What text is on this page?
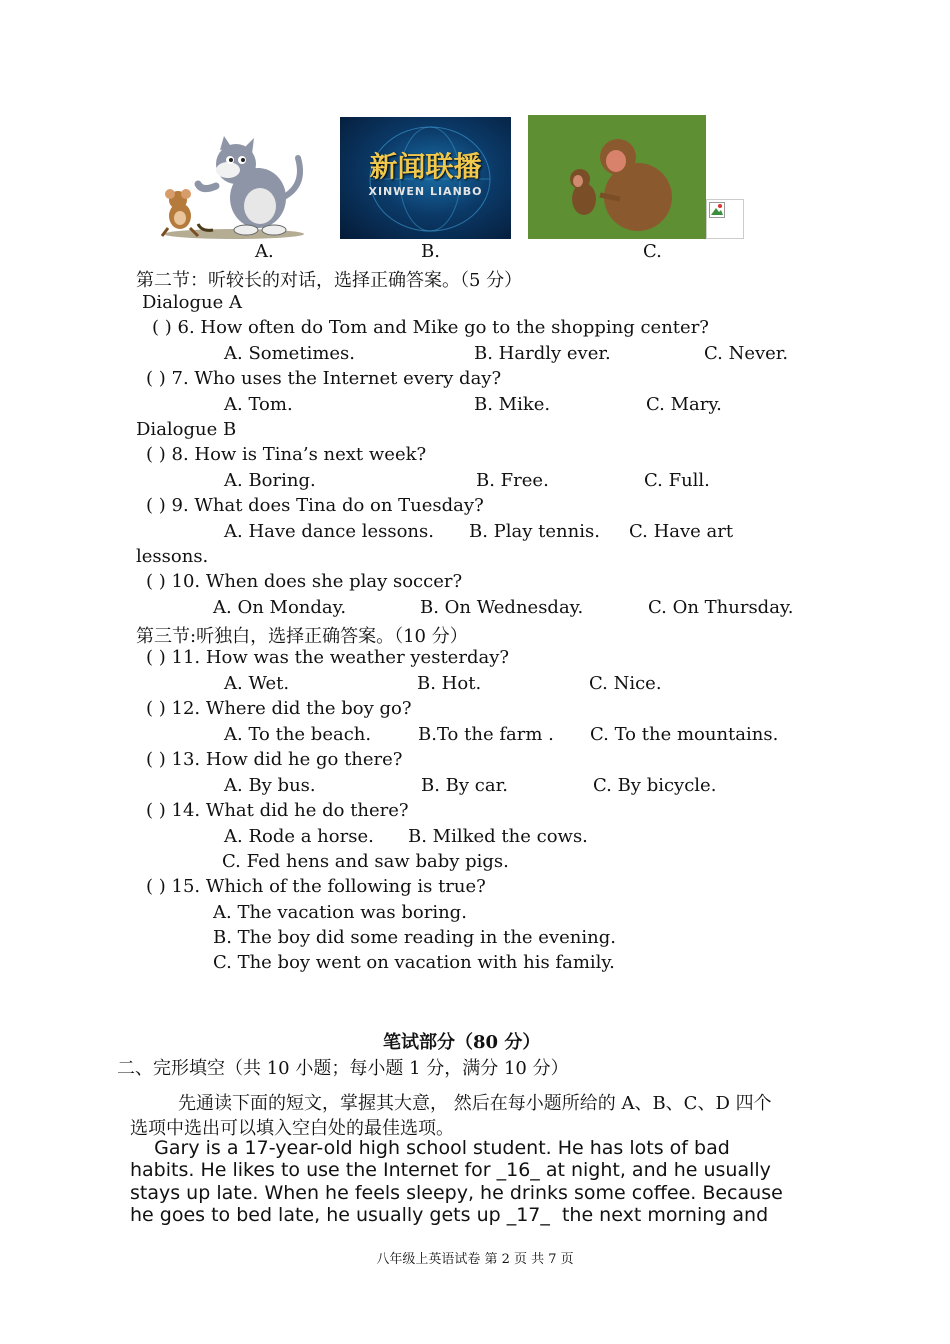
新闻联播
XINWEN LIANBO
A.	B.	C.
第二节：听较长的对话，选择正确答案。（5 分）
Dialogue A
( ) 6. How often do Tom and Mike go to the shopping center?
A. Sometimes.	B. Hardly ever.	C. Never.
( ) 7. Who uses the Internet every day?
A. Tom.	B. Mike.	C. Mary.
Dialogue B
( ) 8. How is Tina’s next week?
A. Boring.	B. Free.	C. Full.
( ) 9. What does Tina do on Tuesday?
A. Have dance lessons. B. Play tennis. C. Have art
lessons.
( ) 10. When does she play soccer?
A. On Monday.	B. On Wednesday.	C. On Thursday.
第三节:听独白，选择正确答案。（10 分）
( ) 11. How was the weather yesterday?
A. Wet.	B. Hot.	C. Nice.
( ) 12. Where did the boy go?
A. To the beach.	B.To the farm . C. To the mountains.
( ) 13. How did he go there?
A. By bus.	B. By car.	C. By bicycle.
( ) 14. What did he do there?
A. Rode a horse. B. Milked the cows.
C. Fed hens and saw baby pigs.
( ) 15. Which of the following is true?
A. The vacation was boring.
B. The boy did some reading in the evening.
C. The boy went on vacation with his family.
笔试部分（80 分）
二、完形填空（共 10 小题；每小题 1 分，满分 10 分）
先通读下面的短文，掌握其大意， 然后在每小题所给的 A、B、C、D 四个
选项中选出可以填入空白处的最佳选项。
Gary is a 17-year-old high school student. He has lots of bad
habits. He likes to use the Internet for _16_ at night, and he usually
stays up late. When he feels sleepy, he drinks some coffee. Because
he goes to bed late, he usually gets up _17_  the next morning and
八年级上英语试卷 第 2 页 共 7 页
